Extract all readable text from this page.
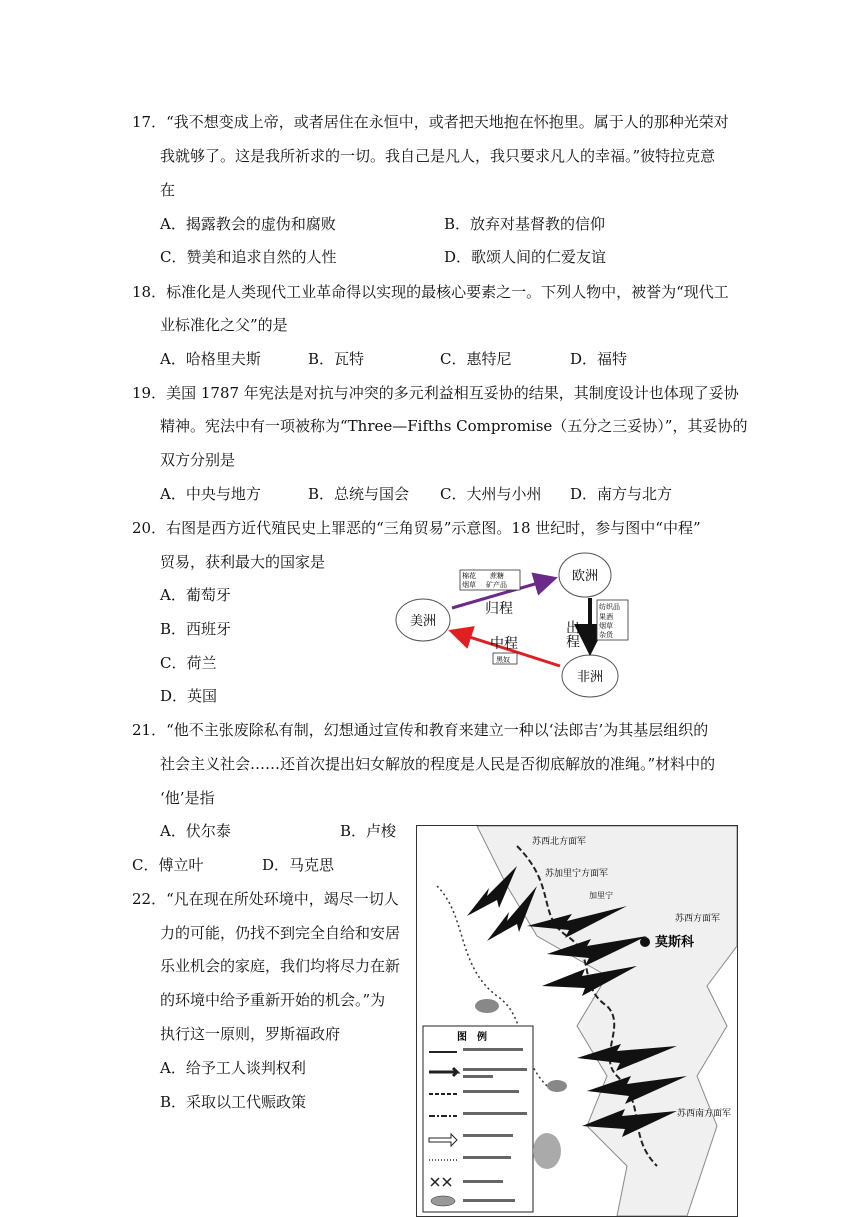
17．“我不想变成上帝，或者居住在永恒中，或者把天地抱在怀抱里。属于人的那种光荣对
我就够了。这是我所祈求的一切。我自己是凡人，我只要求凡人的幸福。”彼特拉克意
在
A．揭露教会的虚伪和腐败	B．放弃对基督教的信仰
C．赞美和追求自然的人性	D．歌颂人间的仁爱友谊
18．标准化是人类现代工业革命得以实现的最核心要素之一。下列人物中，被誉为“现代工
业标准化之父”的是
A．哈格里夫斯	B．瓦特	C．惠特尼	D．福特
19．美国 1787 年宪法是对抗与冲突的多元利益相互妥协的结果，其制度设计也体现了妥协
精神。宪法中有一项被称为“Three—Fifths Compromise（五分之三妥协）”，其妥协的
双方分别是
A．中央与地方	B．总统与国会 C．大州与小州 D．南方与北方
20．右图是西方近代殖民史上罪恶的“三角贸易”示意图。18 世纪时，参与图中“中程”
贸易，获利最大的国家是
A．葡萄牙
B．西班牙
C．荷兰
D．英国
欧洲
美洲
非洲
归程
棉花 蔗糖
烟草 矿产品
出程
纺织品
果酒
烟草
杂货
中程
黑奴
21．“他不主张废除私有制，幻想通过宣传和教育来建立一种以‘法郎吉’为其基层组织的
社会主义社会……还首次提出妇女解放的程度是人民是否彻底解放的准绳。”材料中的
‘他’是指
A．伏尔泰	B．卢梭
C．傅立叶	D．马克思
22．“凡在现在所处环境中，竭尽一切人
力的可能，仍找不到完全自给和安居
乐业机会的家庭，我们均将尽力在新
的环境中给予重新开始的机会。”为
执行这一原则，罗斯福政府
A．给予工人谈判权利
B．采取以工代赈政策
莫斯科
苏西北方面军
苏加里宁方面军
加里宁
苏西方面军
苏西南方面军
图　例
